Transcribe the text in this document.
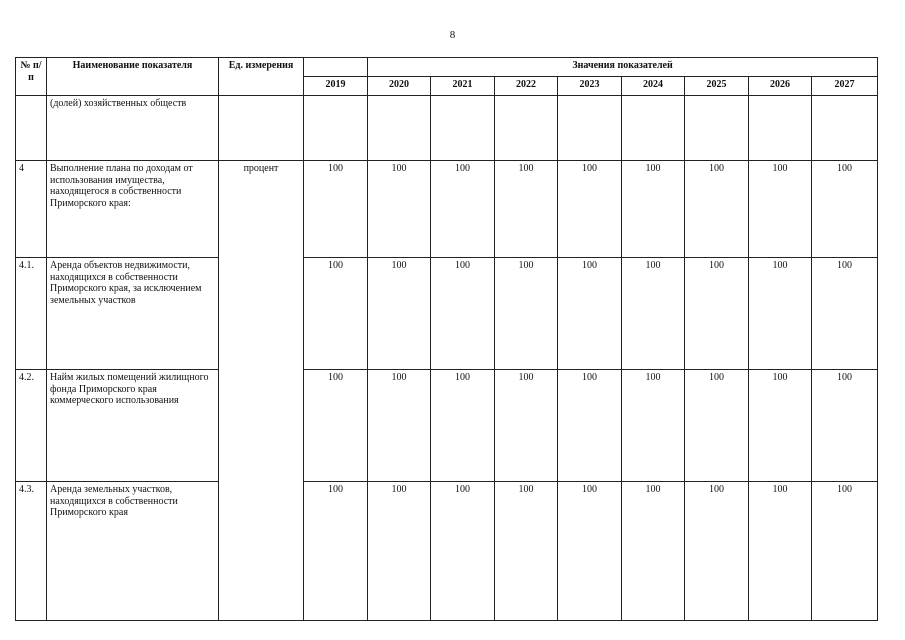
8
№ п/п	Наименование показателя	Ед. измерения		Значения показателей							
			2019	2020	2021	2022	2023	2024	2025	2026	2027
	(долей) хозяйственных обществ										
4	Выполнение плана по доходам от использования имущества, находящегося в собственности Приморского края:	процент	100	100	100	100	100	100	100	100	100
4.1.	Аренда объектов недвижимости, находящихся в собственности Приморского края, за исключением земельных участков		100	100	100	100	100	100	100	100	100
4.2.	Найм жилых помещений жилищного фонда Приморского края коммерческого использования		100	100	100	100	100	100	100	100	100
4.3.	Аренда земельных участков, находящихся в собственности Приморского края		100	100	100	100	100	100	100	100	100
